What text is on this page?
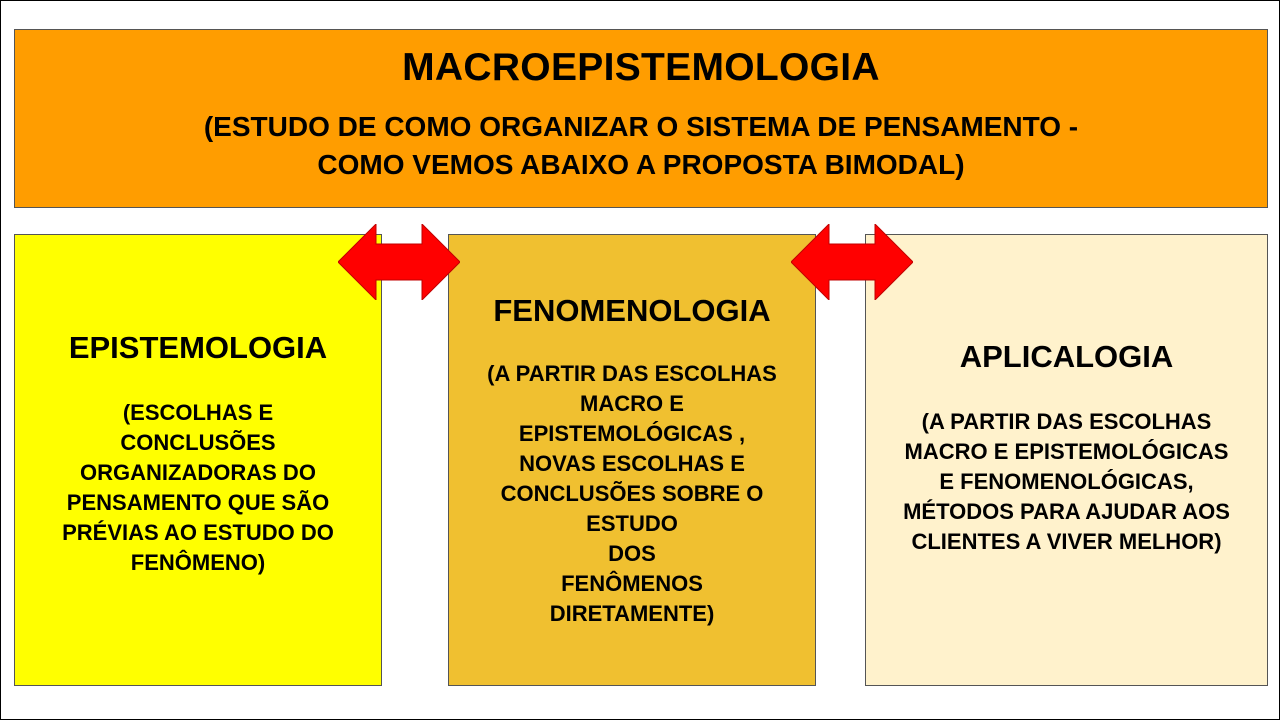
MACROEPISTEMOLOGIA
(ESTUDO DE COMO ORGANIZAR O SISTEMA DE PENSAMENTO -
COMO VEMOS ABAIXO A PROPOSTA BIMODAL)
EPISTEMOLOGIA
(ESCOLHAS E
CONCLUSÕES
ORGANIZADORAS DO
PENSAMENTO QUE SÃO
PRÉVIAS AO ESTUDO DO
FENÔMENO)
FENOMENOLOGIA
(A PARTIR DAS ESCOLHAS
MACRO E
EPISTEMOLÓGICAS ,
NOVAS ESCOLHAS E
CONCLUSÕES SOBRE O
ESTUDO
DOS
FENÔMENOS
DIRETAMENTE)
APLICALOGIA
(A PARTIR DAS ESCOLHAS
MACRO E EPISTEMOLÓGICAS
E FENOMENOLÓGICAS,
MÉTODOS PARA AJUDAR AOS
CLIENTES A VIVER MELHOR)
